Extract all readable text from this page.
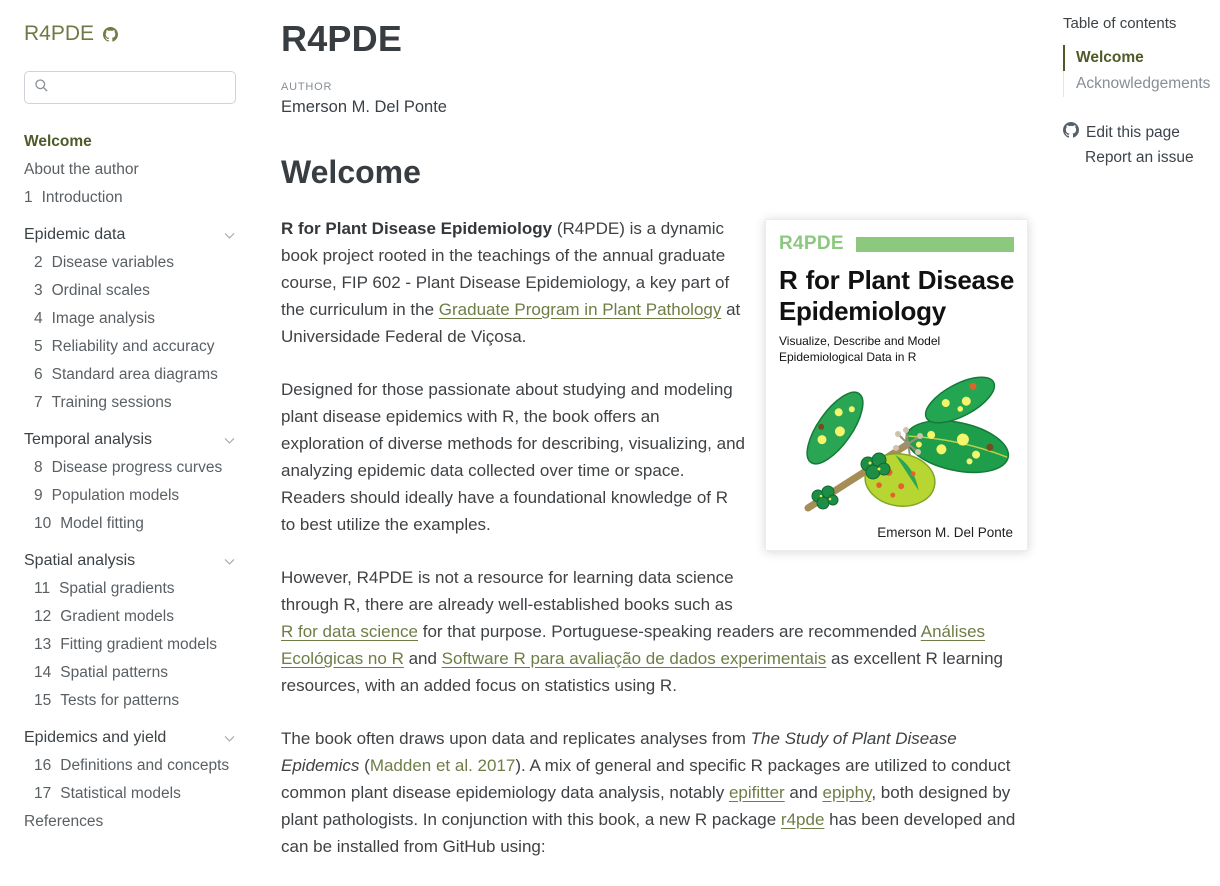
R4PDE
Welcome
About the author
1 Introduction
Epidemic data
2 Disease variables
3 Ordinal scales
4 Image analysis
5 Reliability and accuracy
6 Standard area diagrams
7 Training sessions
Temporal analysis
8 Disease progress curves
9 Population models
10 Model fitting
Spatial analysis
11 Spatial gradients
12 Gradient models
13 Fitting gradient models
14 Spatial patterns
15 Tests for patterns
Epidemics and yield
16 Definitions and concepts
17 Statistical models
References
R4PDE
AUTHOR
Emerson M. Del Ponte
Welcome
R4PDE
R for Plant Disease Epidemiology
Visualize, Describe and Model
Epidemiological Data in R
Emerson M. Del Ponte

R for Plant Disease Epidemiology (R4PDE) is a dynamic book project rooted in the teachings of the annual graduate course, FIP 602 - Plant Disease Epidemiology, a key part of the curriculum in the Graduate Program in Plant Pathology at Universidade Federal de Viçosa.

Designed for those passionate about studying and modeling plant disease epidemics with R, the book offers an exploration of diverse methods for describing, visualizing, and analyzing epidemic data collected over time or space. Readers should ideally have a foundational knowledge of R to best utilize the examples.

However, R4PDE is not a resource for learning data science through R, there are already well-established books such as R for data science for that purpose. Portuguese-speaking readers are recommended Análises Ecológicas no R and Software R para avaliação de dados experimentais as excellent R learning resources, with an added focus on statistics using R.

The book often draws upon data and replicates analyses from The Study of Plant Disease Epidemics (Madden et al. 2017). A mix of general and specific R packages are utilized to conduct common plant disease epidemiology data analysis, notably epifitter and epiphy, both designed by plant pathologists. In conjunction with this book, a new R package r4pde has been developed and can be installed from GitHub using:

Table of contents
Welcome
Acknowledgements
Edit this page
Report an issue
